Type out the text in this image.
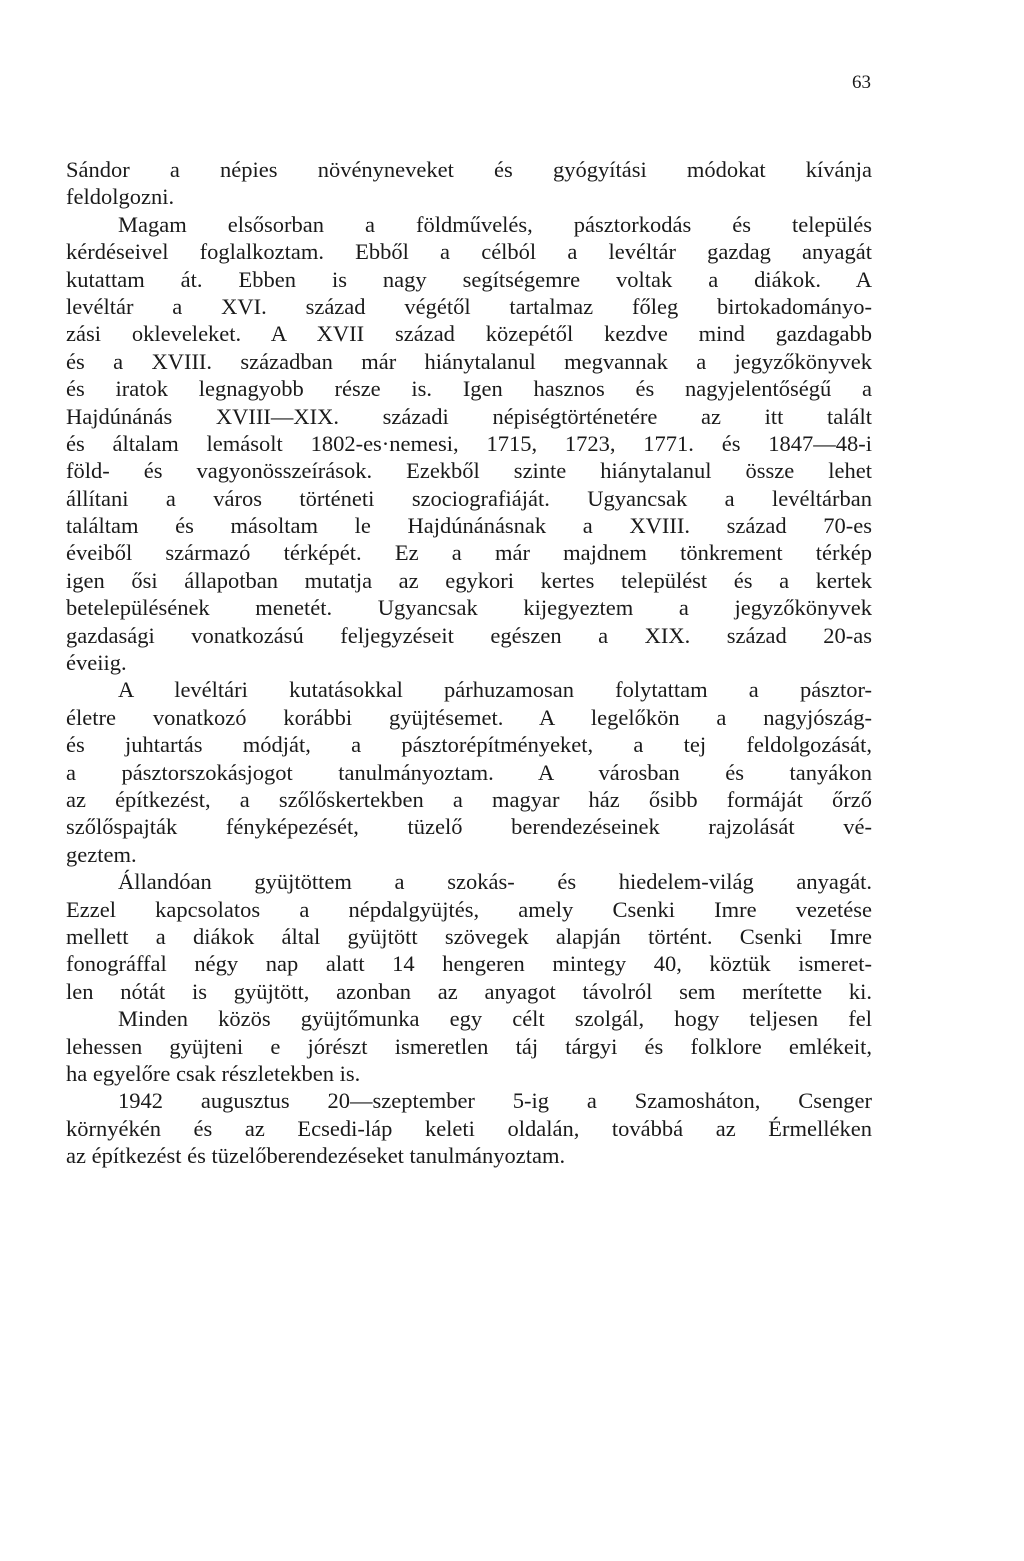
63
Sándor a népies növényneveket és gyógyítási módokat kívánja
feldolgozni.
Magam elsősorban a földművelés, pásztorkodás és település
kérdéseivel foglalkoztam. Ebből a célból a levéltár gazdag anyagát
kutattam át. Ebben is nagy segítségemre voltak a diákok. A
levéltár a XVI. század végétől tartalmaz főleg birtokadományo-
zási okleveleket. A XVII század közepétől kezdve mind gazdagabb
és a XVIII. században már hiánytalanul megvannak a jegyzőkönyvek
és iratok legnagyobb része is. Igen hasznos és nagyjelentőségű a
Hajdúnánás XVIII—XIX. századi népiségtörténetére az itt talált
és általam lemásolt 1802-es·nemesi, 1715, 1723, 1771. és 1847—48-i
föld- és vagyonösszeírások. Ezekből szinte hiánytalanul össze lehet
állítani a város történeti szociografiáját. Ugyancsak a levéltárban
találtam és másoltam le Hajdúnánásnak a XVIII. század 70-es
éveiből származó térképét. Ez a már majdnem tönkrement térkép
igen ősi állapotban mutatja az egykori kertes települést és a kertek
betelepülésének menetét. Ugyancsak kijegyeztem a jegyzőkönyvek
gazdasági vonatkozású feljegyzéseit egészen a XIX. század 20-as
éveiig.
A levéltári kutatásokkal párhuzamosan folytattam a pásztor-
életre vonatkozó korábbi gyüjtésemet. A legelőkön a nagyjószág-
és juhtartás módját, a pásztorépítményeket, a tej feldolgozását,
a pásztorszokásjogot tanulmányoztam. A városban és tanyákon
az építkezést, a szőlőskertekben a magyar ház ősibb formáját őrző
szőlőspajták fényképezését, tüzelő berendezéseinek rajzolását vé-
geztem.
Állandóan gyüjtöttem a szokás- és hiedelem-világ anyagát.
Ezzel kapcsolatos a népdalgyüjtés, amely Csenki Imre vezetése
mellett a diákok által gyüjtött szövegek alapján történt. Csenki Imre
fonográffal négy nap alatt 14 hengeren mintegy 40, köztük ismeret-
len nótát is gyüjtött, azonban az anyagot távolról sem merítette ki.
Minden közös gyüjtőmunka egy célt szolgál, hogy teljesen fel
lehessen gyüjteni e jórészt ismeretlen táj tárgyi és folklore emlékeit,
ha egyelőre csak részletekben is.
1942 augusztus 20—szeptember 5-ig a Szamosháton, Csenger
környékén és az Ecsedi-láp keleti oldalán, továbbá az Érmelléken
az építkezést és tüzelőberendezéseket tanulmányoztam.
